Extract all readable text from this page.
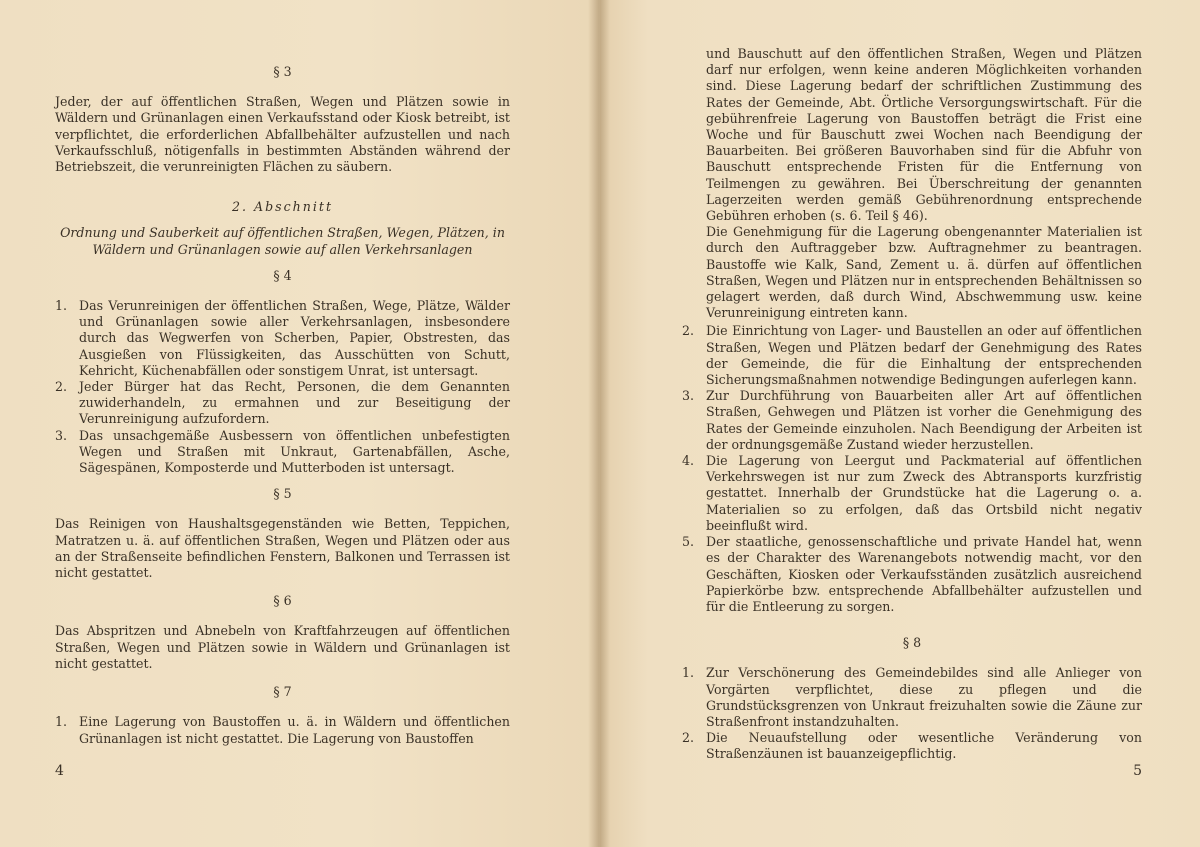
§ 3
Jeder, der auf öffentlichen Straßen, Wegen und Plätzen sowie in Wäldern und Grünanlagen einen Verkaufsstand oder Kiosk betreibt, ist verpflichtet, die erforderlichen Abfallbehälter aufzustellen und nach Verkaufsschluß, nötigenfalls in bestimmten Abständen während der Betriebszeit, die verunreinigten Flächen zu säubern.
2. Abschnitt
Ordnung und Sauberkeit auf öffentlichen Straßen, Wegen, Plätzen, in Wäldern und Grünanlagen sowie auf allen Verkehrsanlagen
§ 4
1. Das Verunreinigen der öffentlichen Straßen, Wege, Plätze, Wälder und Grünanlagen sowie aller Verkehrsanlagen, insbesondere durch das Wegwerfen von Scherben, Papier, Obstresten, das Ausgießen von Flüssigkeiten, das Ausschütten von Schutt, Kehricht, Küchenabfällen oder sonstigem Unrat, ist untersagt.
2. Jeder Bürger hat das Recht, Personen, die dem Genannten zuwiderhandeln, zu ermahnen und zur Beseitigung der Verunreinigung aufzufordern.
3. Das unsachgemäße Ausbessern von öffentlichen unbefestigten Wegen und Straßen mit Unkraut, Gartenabfällen, Asche, Sägespänen, Komposterde und Mutterboden ist untersagt.
§ 5
Das Reinigen von Haushaltsgegenständen wie Betten, Teppichen, Matratzen u. ä. auf öffentlichen Straßen, Wegen und Plätzen oder aus an der Straßenseite befindlichen Fenstern, Balkonen und Terrassen ist nicht gestattet.
§ 6
Das Abspritzen und Abnebeln von Kraftfahrzeugen auf öffentlichen Straßen, Wegen und Plätzen sowie in Wäldern und Grünanlagen ist nicht gestattet.
§ 7
1. Eine Lagerung von Baustoffen u. ä. in Wäldern und öffentlichen Grünanlagen ist nicht gestattet. Die Lagerung von Baustoffen
4
und Bauschutt auf den öffentlichen Straßen, Wegen und Plätzen darf nur erfolgen, wenn keine anderen Möglichkeiten vorhanden sind. Diese Lagerung bedarf der schriftlichen Zustimmung des Rates der Gemeinde, Abt. Örtliche Versorgungswirtschaft. Für die gebührenfreie Lagerung von Baustoffen beträgt die Frist eine Woche und für Bauschutt zwei Wochen nach Beendigung der Bauarbeiten. Bei größeren Bauvorhaben sind für die Abfuhr von Bauschutt entsprechende Fristen für die Entfernung von Teilmengen zu gewähren. Bei Überschreitung der genannten Lagerzeiten werden gemäß Gebührenordnung entsprechende Gebühren erhoben (s. 6. Teil § 46).
Die Genehmigung für die Lagerung obengenannter Materialien ist durch den Auftraggeber bzw. Auftragnehmer zu beantragen. Baustoffe wie Kalk, Sand, Zement u. ä. dürfen auf öffentlichen Straßen, Wegen und Plätzen nur in entsprechenden Behältnissen so gelagert werden, daß durch Wind, Abschwemmung usw. keine Verunreinigung eintreten kann.
2. Die Einrichtung von Lager- und Baustellen an oder auf öffentlichen Straßen, Wegen und Plätzen bedarf der Genehmigung des Rates der Gemeinde, die für die Einhaltung der entsprechenden Sicherungsmaßnahmen notwendige Bedingungen auferlegen kann.
3. Zur Durchführung von Bauarbeiten aller Art auf öffentlichen Straßen, Gehwegen und Plätzen ist vorher die Genehmigung des Rates der Gemeinde einzuholen. Nach Beendigung der Arbeiten ist der ordnungsgemäße Zustand wieder herzustellen.
4. Die Lagerung von Leergut und Packmaterial auf öffentlichen Verkehrswegen ist nur zum Zweck des Abtransports kurzfristig gestattet. Innerhalb der Grundstücke hat die Lagerung o. a. Materialien so zu erfolgen, daß das Ortsbild nicht negativ beeinflußt wird.
5. Der staatliche, genossenschaftliche und private Handel hat, wenn es der Charakter des Warenangebots notwendig macht, vor den Geschäften, Kiosken oder Verkaufsständen zusätzlich ausreichend Papierkörbe bzw. entsprechende Abfallbehälter aufzustellen und für die Entleerung zu sorgen.
§ 8
1. Zur Verschönerung des Gemeindebildes sind alle Anlieger von Vorgärten verpflichtet, diese zu pflegen und die Grundstücksgrenzen von Unkraut freizuhalten sowie die Zäune zur Straßenfront instandzuhalten.
2. Die Neuaufstellung oder wesentliche Veränderung von Straßenzäunen ist bauanzeigepflichtig.
5
